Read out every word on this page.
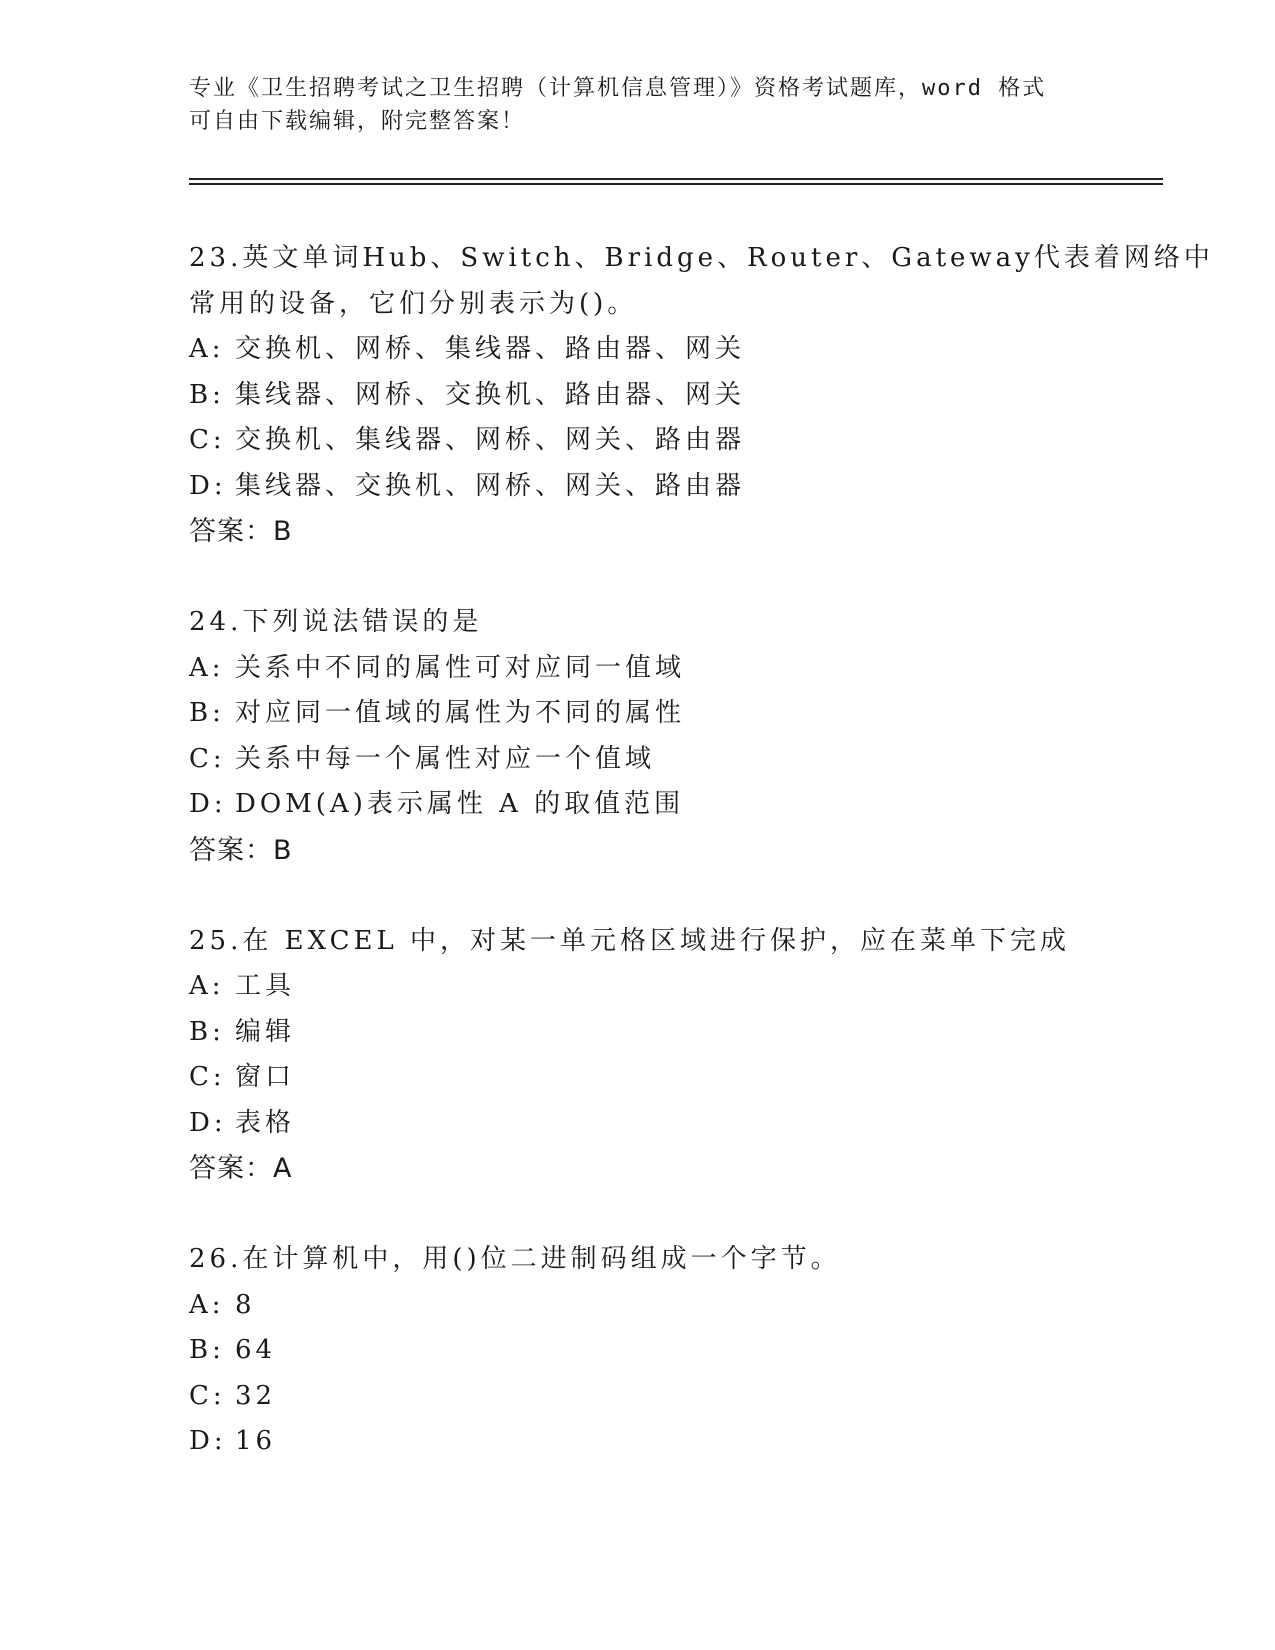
专业《卫生招聘考试之卫生招聘（计算机信息管理）》资格考试题库，word 格式
可自由下载编辑，附完整答案！
23.英文单词Hub、Switch、Bridge、Router、Gateway代表着网络中
常用的设备，它们分别表示为()。
A: 交换机、网桥、集线器、路由器、网关
B: 集线器、网桥、交换机、路由器、网关
C: 交换机、集线器、网桥、网关、路由器
D: 集线器、交换机、网桥、网关、路由器
答案：B
24.下列说法错误的是
A: 关系中不同的属性可对应同一值域
B: 对应同一值域的属性为不同的属性
C: 关系中每一个属性对应一个值域
D: DOM(A)表示属性 A 的取值范围
答案：B
25.在 EXCEL 中，对某一单元格区域进行保护，应在菜单下完成
A: 工具
B: 编辑
C: 窗口
D: 表格
答案：A
26.在计算机中，用()位二进制码组成一个字节。
A: 8
B: 64
C: 32
D: 16
